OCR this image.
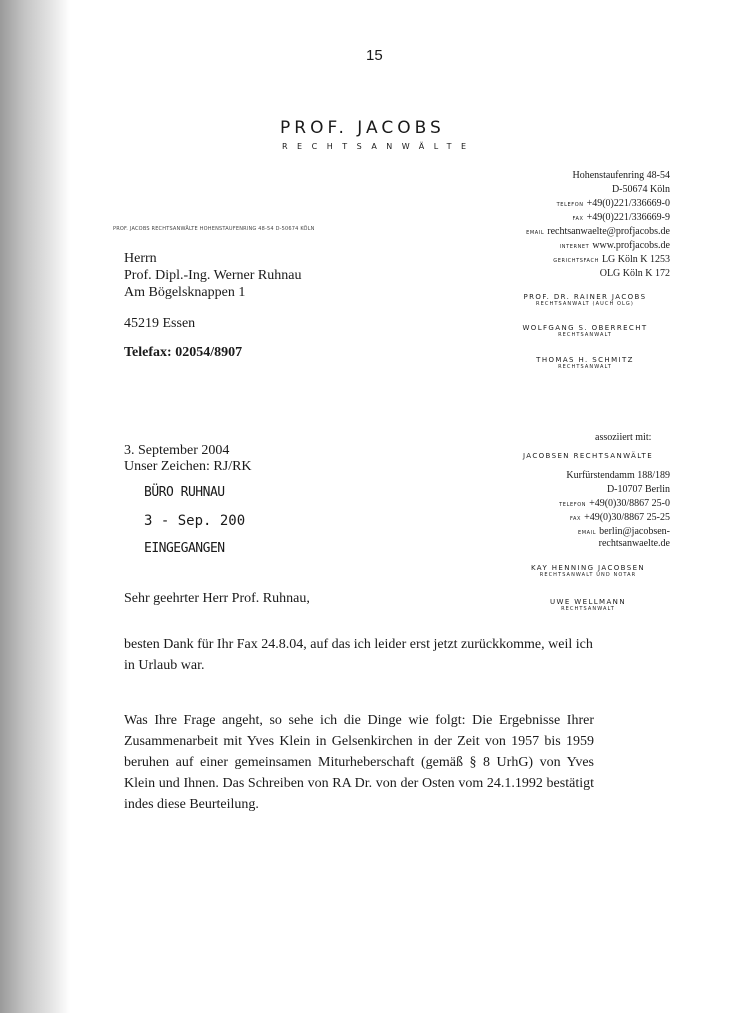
15
PROF. JACOBS
RECHTSANWÄLTE
PROF. JACOBS RECHTSANWÄLTE HOHENSTAUFENRING 48-54 D-50674 KÖLN
Herrn
Prof. Dipl.-Ing. Werner Ruhnau
Am Bögelsknappen 1
45219 Essen
Telefax: 02054/8907
Hohenstaufenring 48-54
D-50674 Köln
TELEFON +49(0)221/336669-0
FAX +49(0)221/336669-9
EMAIL rechtsanwaelte@profjacobs.de
INTERNET www.profjacobs.de
GERICHTSFACH LG Köln K 1253
OLG Köln K 172
PROF. DR. RAINER JACOBS
RECHTSANWALT (AUCH OLG)
WOLFGANG S. OBERRECHT
RECHTSANWALT
THOMAS H. SCHMITZ
RECHTSANWALT
assoziiert mit:
JACOBSEN RECHTSANWÄLTE
Kurfürstendamm 188/189
D-10707 Berlin
TELEFON +49(0)30/8867 25-0
FAX +49(0)30/8867 25-25
EMAIL berlin@jacobsen-
rechtsanwaelte.de
KAY HENNING JACOBSEN
RECHTSANWALT UND NOTAR
UWE WELLMANN
RECHTSANWALT
3. September 2004
Unser Zeichen: RJ/RK
BÜRO RUHNAU
3 - Sep. 200
EINGEGANGEN
Sehr geehrter Herr Prof. Ruhnau,
besten Dank für Ihr Fax 24.8.04, auf das ich leider erst jetzt zurückkomme, weil ich in Urlaub war.
Was Ihre Frage angeht, so sehe ich die Dinge wie folgt: Die Ergebnisse Ihrer Zusammenarbeit mit Yves Klein in Gelsenkirchen in der Zeit von 1957 bis 1959 beruhen auf einer gemeinsamen Miturheberschaft (gemäß § 8 UrhG) von Yves Klein und Ihnen. Das Schreiben von RA Dr. von der Osten vom 24.1.1992 bestätigt indes diese Beurteilung.
